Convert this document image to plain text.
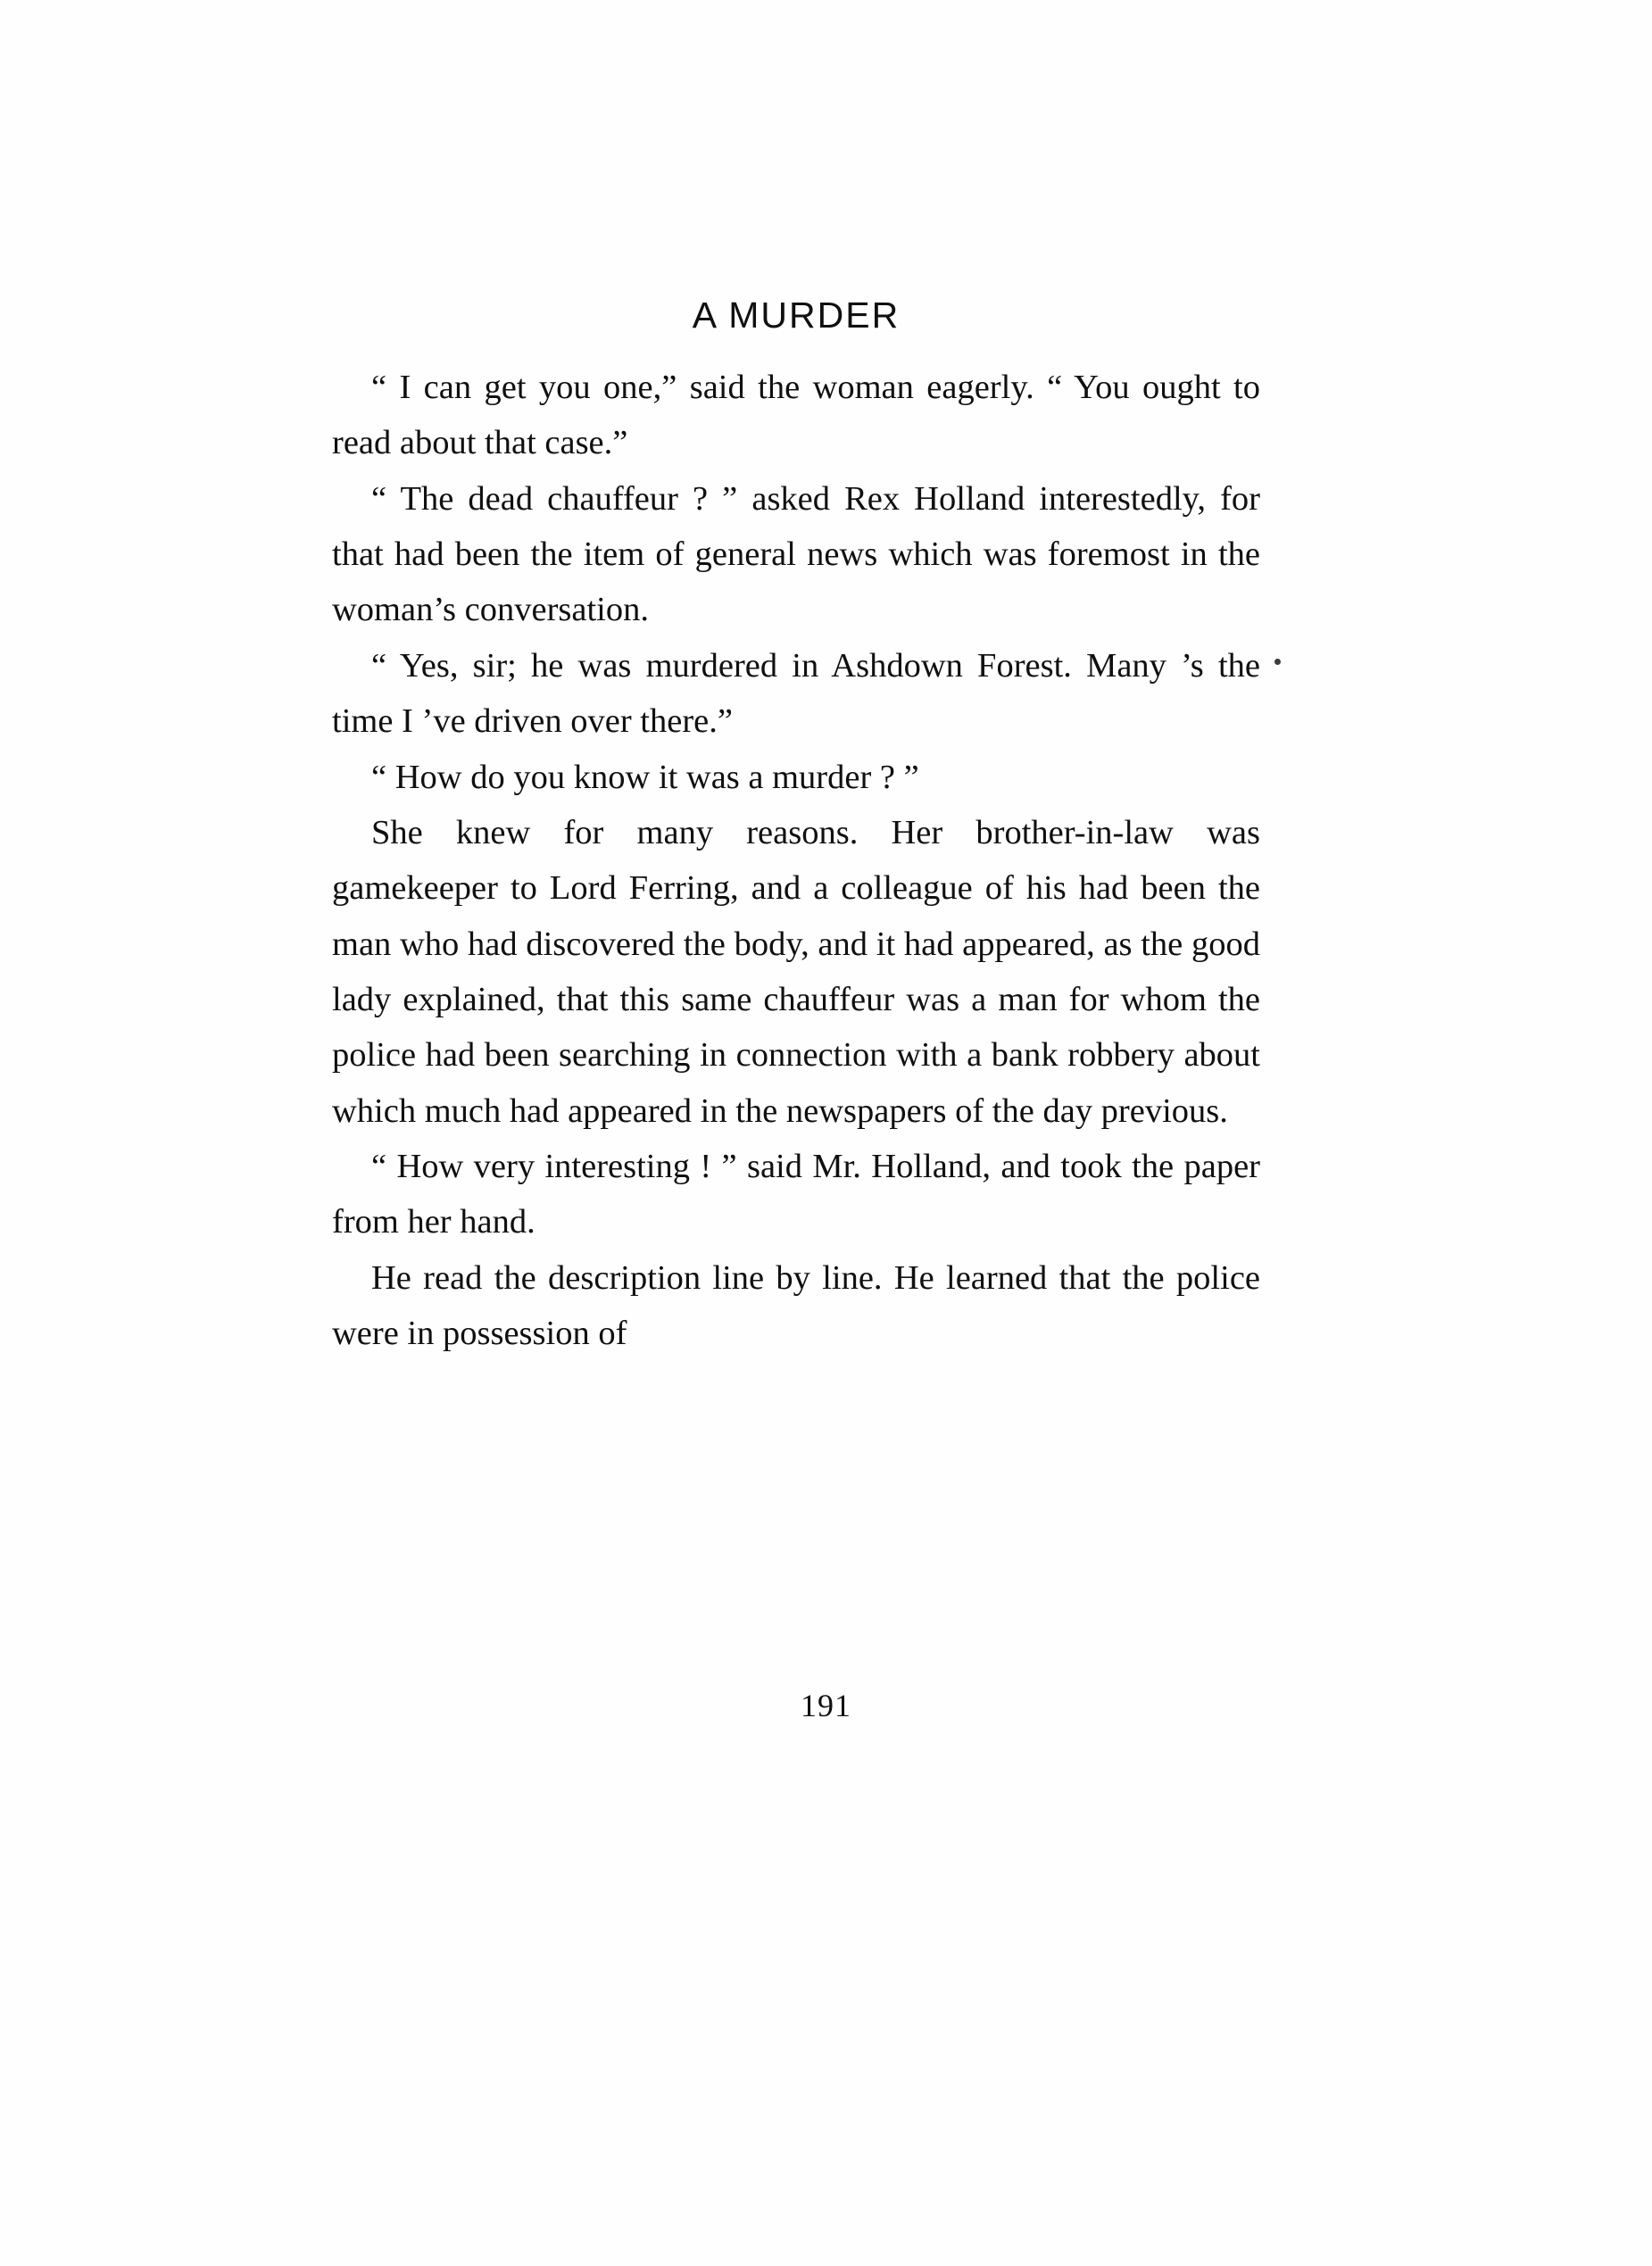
A MURDER

“ I can get you one,” said the woman eagerly. “ You ought to read about that case.”

“ The dead chauffeur ? ” asked Rex Holland interestedly, for that had been the item of general news which was foremost in the woman’s conversation.

“ Yes, sir; he was murdered in Ashdown Forest. Many ’s the time I ’ve driven over there.”

“ How do you know it was a murder ? ”

She knew for many reasons. Her brother-in-law was gamekeeper to Lord Ferring, and a colleague of his had been the man who had discovered the body, and it had appeared, as the good lady explained, that this same chauffeur was a man for whom the police had been searching in connection with a bank robbery about which much had appeared in the newspapers of the day previous.

“ How very interesting ! ” said Mr. Holland, and took the paper from her hand.

He read the description line by line. He learned that the police were in possession of

191
